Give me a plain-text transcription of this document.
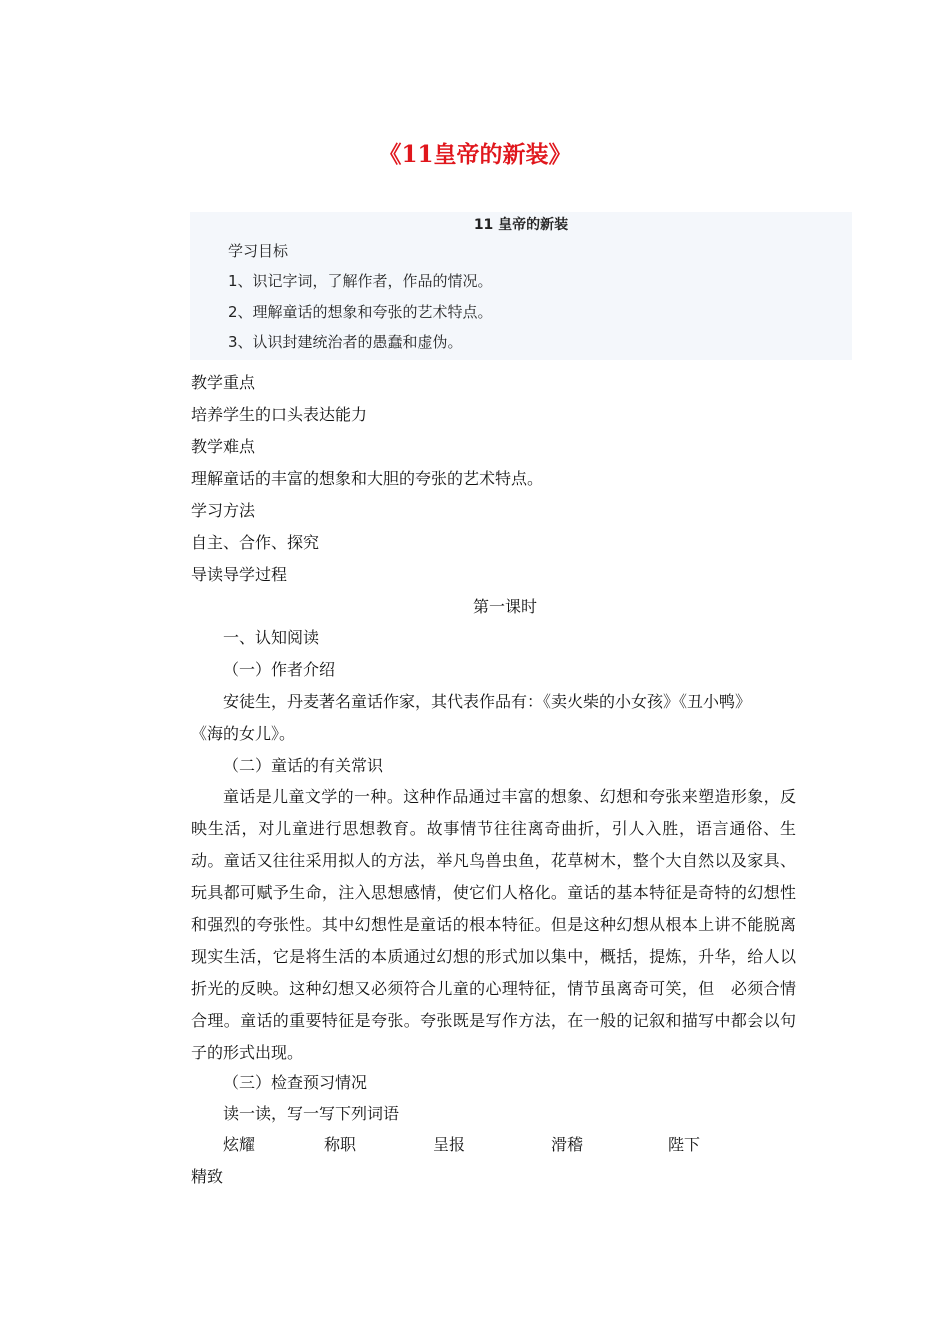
《11皇帝的新装》
11 皇帝的新装
学习目标
1、识记字词，了解作者，作品的情况。
2、理解童话的想象和夸张的艺术特点。
3、认识封建统治者的愚蠢和虚伪。
教学重点
培养学生的口头表达能力
教学难点
理解童话的丰富的想象和大胆的夸张的艺术特点。
学习方法
自主、合作、探究
导读导学过程
第一课时
一、认知阅读
（一）作者介绍
安徒生，丹麦著名童话作家，其代表作品有：《卖火柴的小女孩》《丑小鸭》
《海的女儿》。
（二）童话的有关常识
童话是儿童文学的一种。这种作品通过丰富的想象、幻想和夸张来塑造形象，反映生活，对儿童进行思想教育。故事情节往往离奇曲折，引人入胜，语言通俗、生动。童话又往往采用拟人的方法，举凡鸟兽虫鱼，花草树木，整个大自然以及家具、玩具都可赋予生命，注入思想感情，使它们人格化。童话的基本特征是奇特的幻想性和强烈的夸张性。其中幻想性是童话的根本特征。但是这种幻想从根本上讲不能脱离现实生活，它是将生活的本质通过幻想的形式加以集中，概括，提炼，升华，给人以折光的反映。这种幻想又必须符合儿童的心理特征，情节虽离奇可笑，但　必须合情合理。童话的重要特征是夸张。夸张既是写作方法，在一般的记叙和描写中都会以句子的形式出现。
（三）检查预习情况
读一读，写一写下列词语
炫耀	称职	呈报	滑稽	陛下
精致
